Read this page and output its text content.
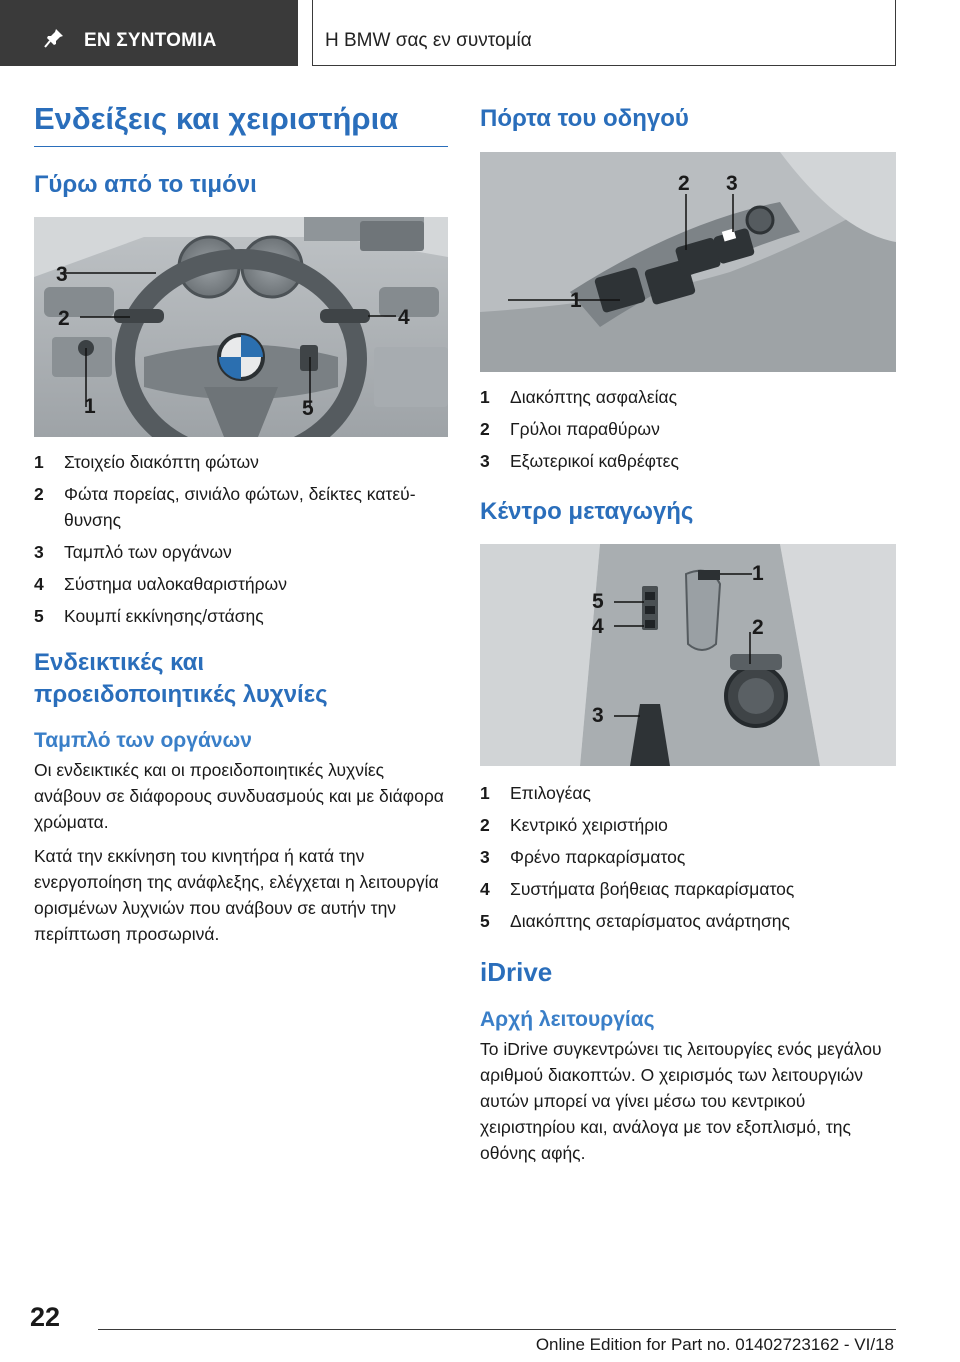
ΕΝ ΣΥΝΤΟΜΙΑ	H BMW σας εν συντομία
Ενδείξεις και χειριστήρια
Γύρω από το τιμόνι
1
2
3
4
5
1	Στοιχείο διακόπτη φώτων
2	Φώτα πορείας, σινιάλο φώτων, δείκτες κατεύθυνσης
3	Ταμπλό των οργάνων
4	Σύστημα υαλοκαθαριστήρων
5	Κουμπί εκκίνησης/στάσης
Ενδεικτικές και προειδοποιητικές λυχνίες
Ταμπλό των οργάνων

Οι ενδεικτικές και οι προειδοποιητικές λυχνίες ανάβουν σε διάφορους συνδυασμούς και με διάφορα χρώματα.

Κατά την εκκίνηση του κινητήρα ή κατά την ενεργοποίηση της ανάφλεξης, ελέγχεται η λειτουργία ορισμένων λυχνιών που ανάβουν σε αυτήν την περίπτωση προσωρινά.

Πόρτα του οδηγού
1
2 3
1	Διακόπτης ασφαλείας
2	Γρύλοι παραθύρων
3	Εξωτερικοί καθρέφτες
Κέντρο μεταγωγής
1
2
3
4
5
1	Επιλογέας
2	Κεντρικό χειριστήριο
3	Φρένο παρκαρίσματος
4	Συστήματα βοήθειας παρκαρίσματος
5	Διακόπτης σεταρίσματος ανάρτησης
iDrive
Αρχή λειτουργίας

Το iDrive συγκεντρώνει τις λειτουργίες ενός μεγάλου αριθμού διακοπτών. Ο χειρισμός των λειτουργιών αυτών μπορεί να γίνει μέσω του κεντρικού χειριστηρίου και, ανάλογα με τον εξοπλισμό, της οθόνης αφής.

22
Online Edition for Part no. 01402723162 - VI/18
